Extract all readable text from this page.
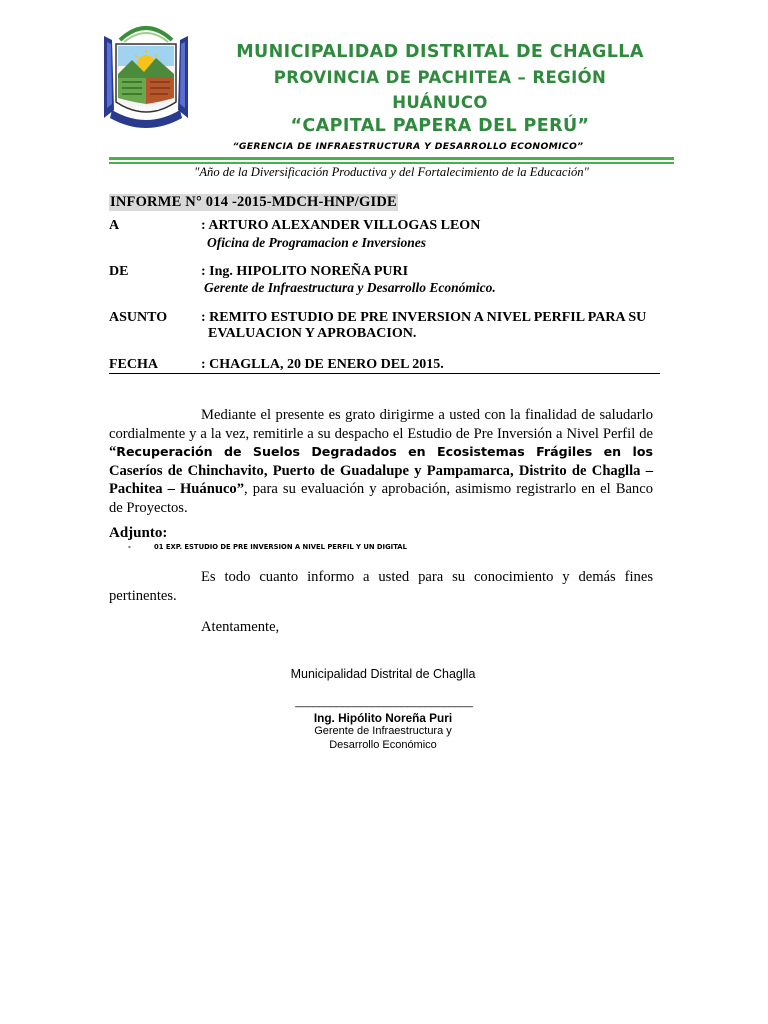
CHAGLLA
MUNICIPALIDAD DISTRITAL DE CHAGLLA
PROVINCIA DE PACHITEA – REGIÓN
HUÁNUCO
“CAPITAL PAPERA DEL PERÚ”
“GERENCIA DE INFRAESTRUCTURA Y DESARROLLO ECONOMICO”
"Año de la Diversificación Productiva y del Fortalecimiento de la Educación"
INFORME N° 014 -2015-MDCH-HNP/GIDE
A	: ARTURO ALEXANDER VILLOGAS LEON
Oficina de Programacion e Inversiones
DE	: Ing. HIPOLITO NOREÑA PURI
Gerente de Infraestructura y Desarrollo Económico.
ASUNTO : REMITO ESTUDIO DE PRE INVERSION A NIVEL PERFIL PARA SU
EVALUACION Y APROBACION.
FECHA	: CHAGLLA, 20 DE ENERO DEL 2015.
Mediante el presente es grato dirigirme a usted con la finalidad de saludarlo cordialmente y a la vez, remitirle a su despacho el Estudio de Pre Inversión a Nivel Perfil de “Recuperación de Suelos Degradados en Ecosistemas Frágiles en los Caseríos de Chinchavito, Puerto de Guadalupe y Pampamarca, Distrito de Chaglla – Pachitea – Huánuco”, para su evaluación y aprobación, asimismo registrarlo en el Banco de Proyectos.
Adjunto:
-	01 EXP. ESTUDIO DE PRE INVERSION A NIVEL PERFIL Y UN DIGITAL
Es todo cuanto informo a usted para su conocimiento y demás fines pertinentes.
Atentamente,
Municipalidad Distrital de Chaglla
______________________________
Ing. Hipólito Noreña Puri
Gerente de Infraestructura y
Desarrollo Económico
